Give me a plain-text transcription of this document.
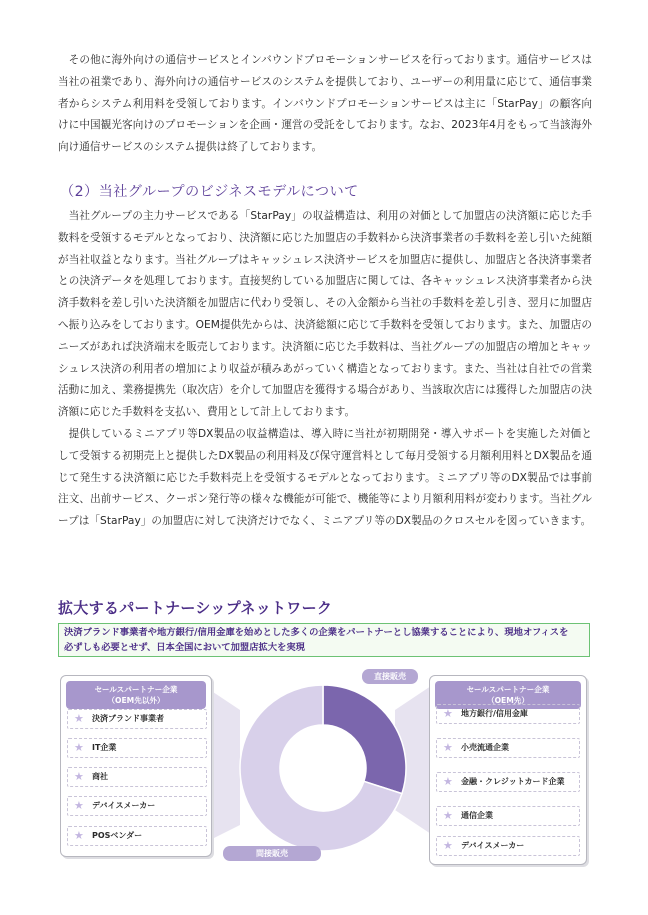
その他に海外向けの通信サービスとインバウンドプロモーションサービスを行っております。通信サービスは当社の祖業であり、海外向けの通信サービスのシステムを提供しており、ユーザーの利用量に応じて、通信事業者からシステム利用料を受領しております。インバウンドプロモーションサービスは主に「StarPay」の顧客向けに中国観光客向けのプロモーションを企画・運営の受託をしております。なお、2023年4月をもって当該海外向け通信サービスのシステム提供は終了しております。

（2）当社グループのビジネスモデルについて

当社グループの主力サービスである「StarPay」の収益構造は、利用の対価として加盟店の決済額に応じた手数料を受領するモデルとなっており、決済額に応じた加盟店の手数料から決済事業者の手数料を差し引いた純額が当社収益となります。当社グループはキャッシュレス決済サービスを加盟店に提供し、加盟店と各決済事業者との決済データを処理しております。直接契約している加盟店に関しては、各キャッシュレス決済事業者から決済手数料を差し引いた決済額を加盟店に代わり受領し、その入金額から当社の手数料を差し引き、翌月に加盟店へ振り込みをしております。OEM提供先からは、決済総額に応じて手数料を受領しております。また、加盟店のニーズがあれば決済端末を販売しております。決済額に応じた手数料は、当社グループの加盟店の増加とキャッシュレス決済の利用者の増加により収益が積みあがっていく構造となっております。また、当社は自社での営業活動に加え、業務提携先（取次店）を介して加盟店を獲得する場合があり、当該取次店には獲得した加盟店の決済額に応じた手数料を支払い、費用として計上しております。

提供しているミニアプリ等DX製品の収益構造は、導入時に当社が初期開発・導入サポートを実施した対価として受領する初期売上と提供したDX製品の利用料及び保守運営料として毎月受領する月額利用料とDX製品を通じて発生する決済額に応じた手数料売上を受領するモデルとなっております。ミニアプリ等のDX製品では事前注文、出前サービス、クーポン発行等の様々な機能が可能で、機能等により月額利用料が変わります。当社グループは「StarPay」の加盟店に対して決済だけでなく、ミニアプリ等のDX製品のクロスセルを図っていきます。

拡大するパートナーシップネットワーク
決済ブランド事業者や地方銀行/信用金庫を始めとした多くの企業をパートナーとし協業することにより、現地オフィスを
必ずしも必要とせず、日本全国において加盟店拡大を実現
直接販売
間接販売
セールスパートナー企業
（OEM先以外）
★ 決済ブランド事業者
★ IT企業
★ 商社
★ デバイスメーカー
★ POSベンダー
セールスパートナー企業
（OEM先）
★ 地方銀行/信用金庫
★ 小売流通企業
★ 金融・クレジットカード企業
★ 通信企業
★ デバイスメーカー
